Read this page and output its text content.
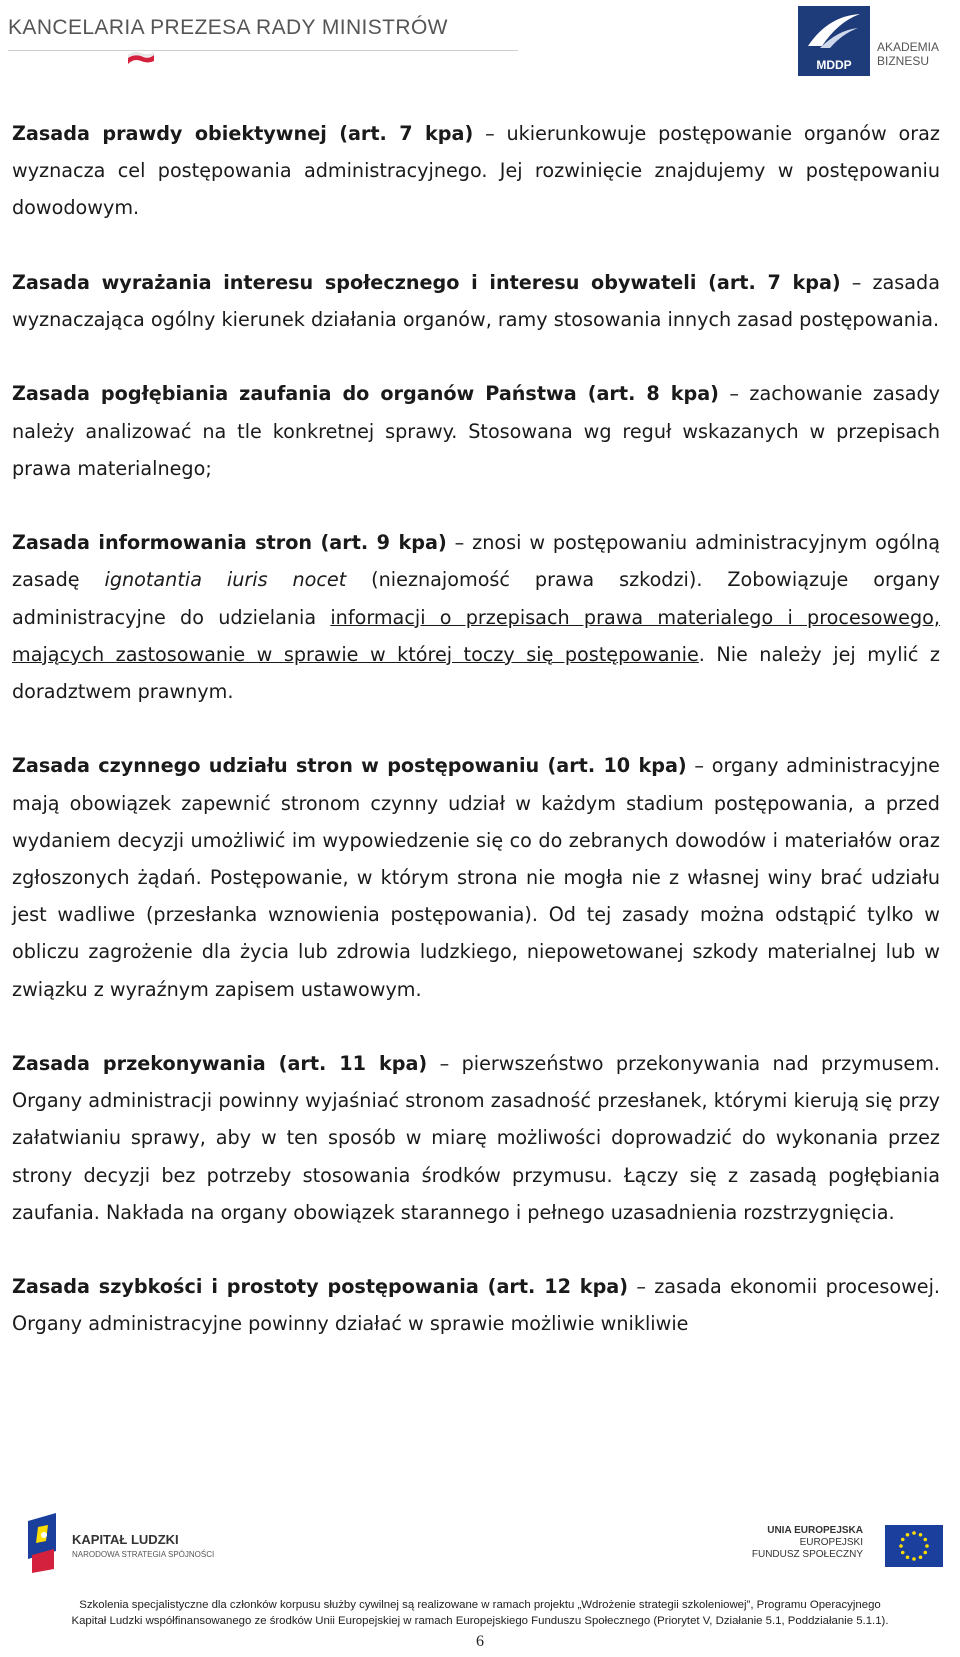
KANCELARIA PREZESA RADY MINISTRÓW
MDDP
AKADEMIA
BIZNESU

Zasada prawdy obiektywnej (art. 7 kpa) – ukierunkowuje postępowanie organów oraz wyznacza cel postępowania administracyjnego. Jej rozwinięcie znajdujemy w postępowaniu dowodowym.

Zasada wyrażania interesu społecznego i interesu obywateli (art. 7 kpa) – zasada wyznaczająca ogólny kierunek działania organów, ramy stosowania innych zasad postępowania.

Zasada pogłębiania zaufania do organów Państwa (art. 8 kpa) – zachowanie zasady należy analizować na tle konkretnej sprawy. Stosowana wg reguł wskazanych w przepisach prawa materialnego;

Zasada informowania stron (art. 9 kpa) – znosi w postępowaniu administracyjnym ogólną zasadę ignotantia iuris nocet (nieznajomość prawa szkodzi). Zobowiązuje organy administracyjne do udzielania informacji o przepisach prawa materialego i procesowego, mających zastosowanie w sprawie w której toczy się postępowanie. Nie należy jej mylić z doradztwem prawnym.

Zasada czynnego udziału stron w postępowaniu (art. 10 kpa) – organy administracyjne mają obowiązek zapewnić stronom czynny udział w każdym stadium postępowania, a przed wydaniem decyzji umożliwić im wypowiedzenie się co do zebranych dowodów i materiałów oraz zgłoszonych żądań. Postępowanie, w którym strona nie mogła nie z własnej winy brać udziału jest wadliwe (przesłanka wznowienia postępowania). Od tej zasady można odstąpić tylko w obliczu zagrożenie dla życia lub zdrowia ludzkiego, niepowetowanej szkody materialnej lub w związku z wyraźnym zapisem ustawowym.

Zasada przekonywania (art. 11 kpa) – pierwszeństwo przekonywania nad przymusem. Organy administracji powinny wyjaśniać stronom zasadność przesłanek, którymi kierują się przy załatwianiu sprawy, aby w ten sposób w miarę możliwości doprowadzić do wykonania przez strony decyzji bez potrzeby stosowania środków przymusu. Łączy się z zasadą pogłębiania zaufania. Nakłada na organy obowiązek starannego i pełnego uzasadnienia rozstrzygnięcia.

Zasada szybkości i prostoty postępowania (art. 12 kpa) – zasada ekonomii procesowej. Organy administracyjne powinny działać w sprawie możliwie wnikliwie

KAPITAŁ LUDZKI
NARODOWA STRATEGIA SPÓJNOŚCI
UNIA EUROPEJSKA
EUROPEJSKI
FUNDUSZ SPOŁECZNY
Szkolenia specjalistyczne dla członków korpusu służby cywilnej są realizowane w ramach projektu „Wdrożenie strategii szkoleniowej”, Programu Operacyjnego
Kapitał Ludzki współfinansowanego ze środków Unii Europejskiej w ramach Europejskiego Funduszu Społecznego (Priorytet V, Działanie 5.1, Poddziałanie 5.1.1).
6
